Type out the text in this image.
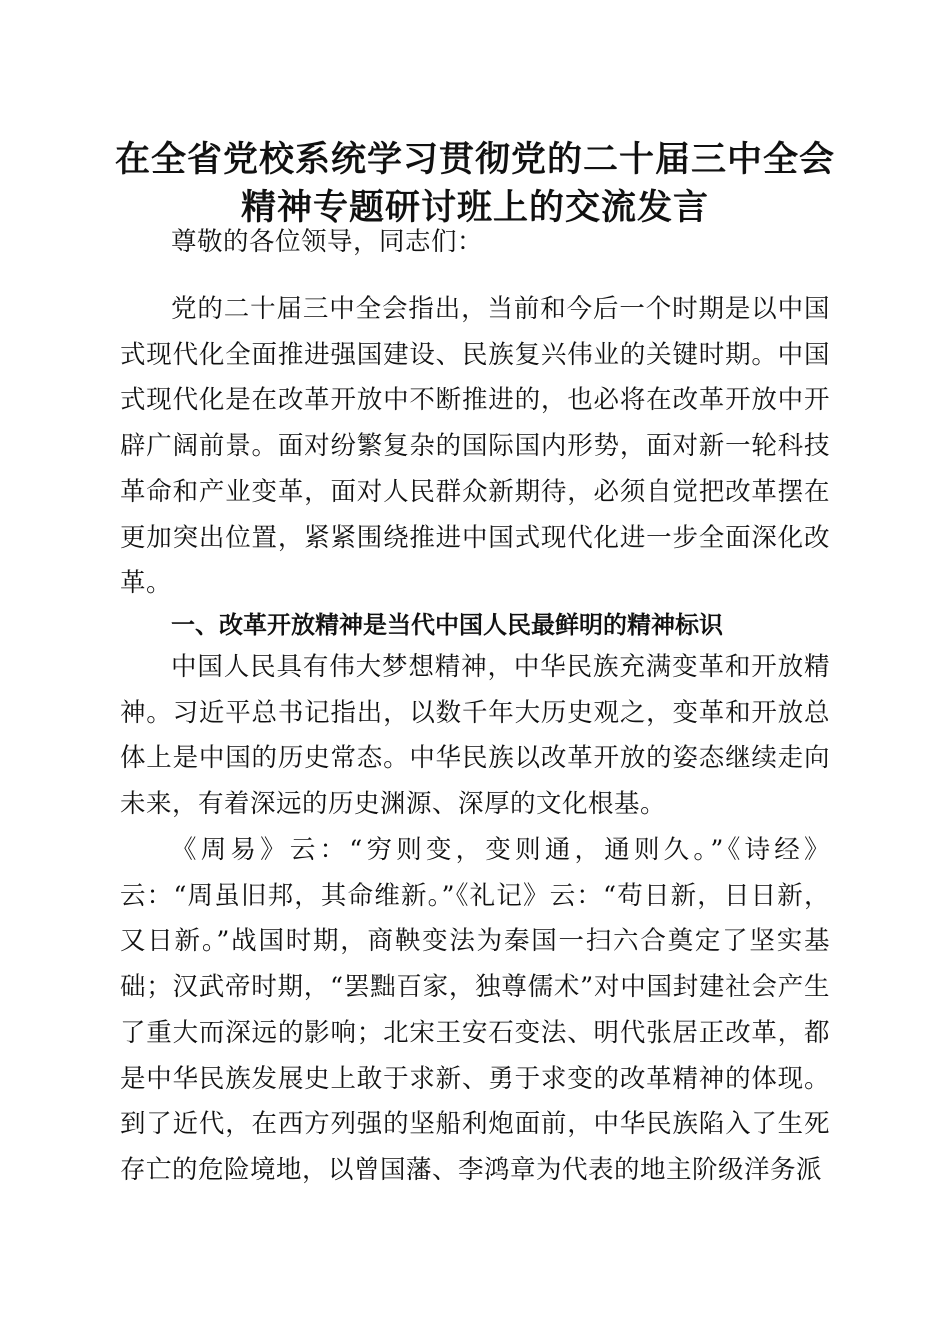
在全省党校系统学习贯彻党的二十届三中全会
精神专题研讨班上的交流发言
尊敬的各位领导，同志们：
党的二十届三中全会指出，当前和今后一个时期是以中国式现代化全面推进强国建设、民族复兴伟业的关键时期。中国式现代化是在改革开放中不断推进的，也必将在改革开放中开辟广阔前景。面对纷繁复杂的国际国内形势，面对新一轮科技革命和产业变革，面对人民群众新期待，必须自觉把改革摆在更加突出位置，紧紧围绕推进中国式现代化进一步全面深化改革。
一、改革开放精神是当代中国人民最鲜明的精神标识
中国人民具有伟大梦想精神，中华民族充满变革和开放精神。习近平总书记指出，以数千年大历史观之，变革和开放总体上是中国的历史常态。中华民族以改革开放的姿态继续走向未来，有着深远的历史渊源、深厚的文化根基。
《周易》云：“穷则变，变则通，通则久。”《诗经》云：“周虽旧邦，其命维新。”《礼记》云：“苟日新，日日新，又日新。”战国时期，商鞅变法为秦国一扫六合奠定了坚实基础；汉武帝时期，“罢黜百家，独尊儒术”对中国封建社会产生了重大而深远的影响；北宋王安石变法、明代张居正改革，都是中华民族发展史上敢于求新、勇于求变的改革精神的体现。到了近代，在西方列强的坚船利炮面前，中华民族陷入了生死存亡的危险境地，以曾国藩、李鸿章为代表的地主阶级洋务派
